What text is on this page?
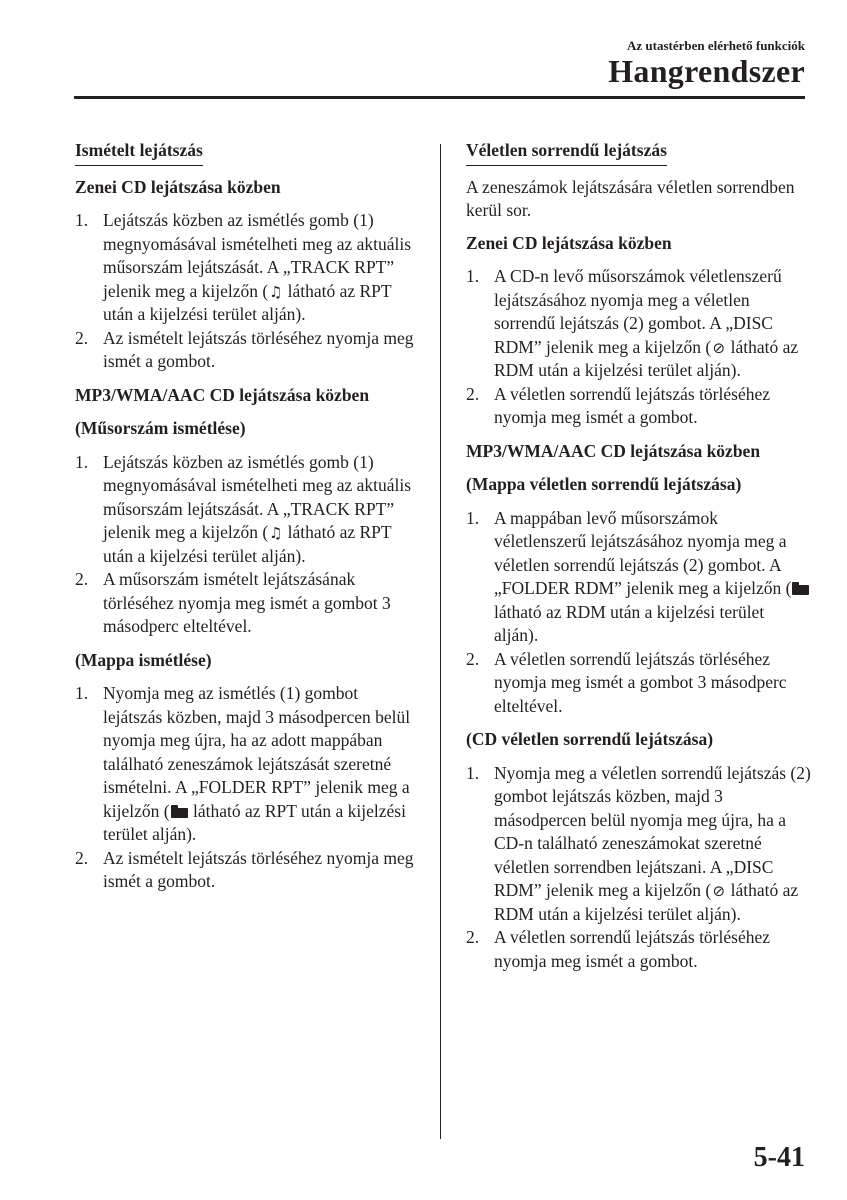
Az utastérben elérhető funkciók
Hangrendszer
Ismételt lejátszás
Zenei CD lejátszása közben
1. Lejátszás közben az ismétlés gomb (1) megnyomásával ismételheti meg az aktuális műsorszám lejátszását. A „TRACK RPT” jelenik meg a kijelzőn (♫ látható az RPT után a kijelzési terület alján).
2. Az ismételt lejátszás törléséhez nyomja meg ismét a gombot.
MP3/WMA/AAC CD lejátszása közben
(Műsorszám ismétlése)
1. Lejátszás közben az ismétlés gomb (1) megnyomásával ismételheti meg az aktuális műsorszám lejátszását. A „TRACK RPT” jelenik meg a kijelzőn (♫ látható az RPT után a kijelzési terület alján).
2. A műsorszám ismételt lejátszásának törléséhez nyomja meg ismét a gombot 3 másodperc elteltével.
(Mappa ismétlése)
1. Nyomja meg az ismétlés (1) gombot lejátszás közben, majd 3 másodpercen belül nyomja meg újra, ha az adott mappában található zeneszámok lejátszását szeretné ismételni. A „FOLDER RPT” jelenik meg a kijelzőn ( látható az RPT után a kijelzési terület alján).
2. Az ismételt lejátszás törléséhez nyomja meg ismét a gombot.
Véletlen sorrendű lejátszás
A zeneszámok lejátszására véletlen sorrendben kerül sor.
Zenei CD lejátszása közben
1. A CD-n levő műsorszámok véletlenszerű lejátszásához nyomja meg a véletlen sorrendű lejátszás (2) gombot. A „DISC RDM” jelenik meg a kijelzőn (⊘ látható az RDM után a kijelzési terület alján).
2. A véletlen sorrendű lejátszás törléséhez nyomja meg ismét a gombot.
MP3/WMA/AAC CD lejátszása közben
(Mappa véletlen sorrendű lejátszása)
1. A mappában levő műsorszámok véletlenszerű lejátszásához nyomja meg a véletlen sorrendű lejátszás (2) gombot. A „FOLDER RDM” jelenik meg a kijelzőn ( látható az RDM után a kijelzési terület alján).
2. A véletlen sorrendű lejátszás törléséhez nyomja meg ismét a gombot 3 másodperc elteltével.
(CD véletlen sorrendű lejátszása)
1. Nyomja meg a véletlen sorrendű lejátszás (2) gombot lejátszás közben, majd 3 másodpercen belül nyomja meg újra, ha a CD-n található zeneszámokat szeretné véletlen sorrendben lejátszani. A „DISC RDM” jelenik meg a kijelzőn (⊘ látható az RDM után a kijelzési terület alján).
2. A véletlen sorrendű lejátszás törléséhez nyomja meg ismét a gombot.
5-41
